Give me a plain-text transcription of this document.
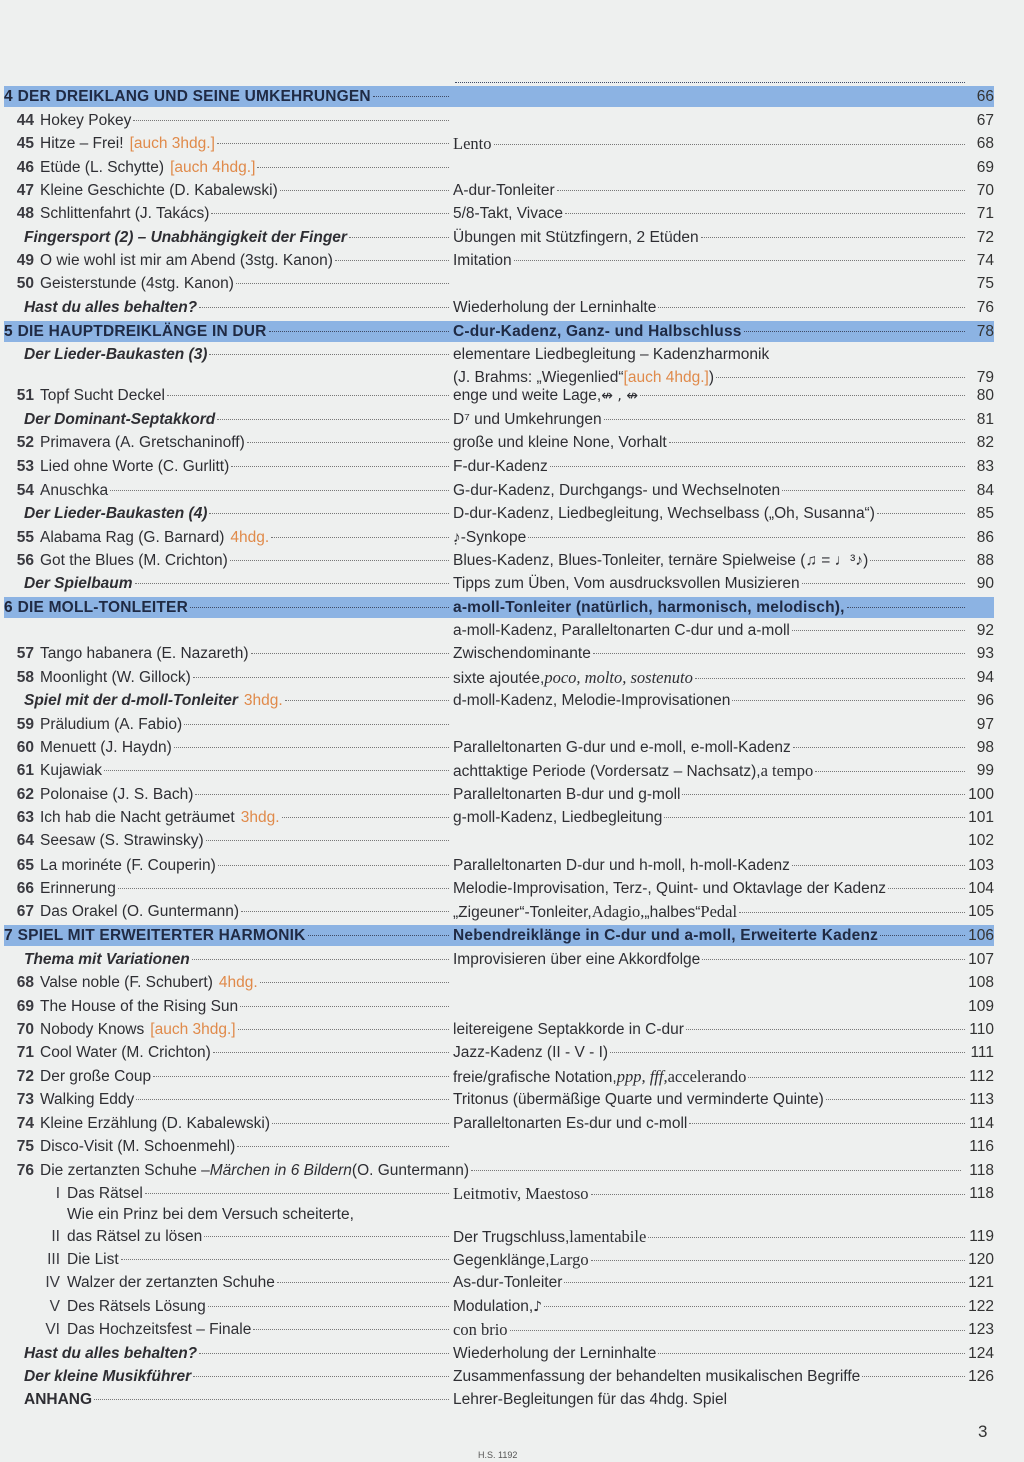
4 DER DREIKLANG UND SEINE UMKEHRUNGEN	66
44 Hokey Pokey	67
45 Hitze – Frei! [auch 3hdg.]	Lento	68
46 Etüde (L. Schytte) [auch 4hdg.]	69
47 Kleine Geschichte (D. Kabalewski)	A-dur-Tonleiter	70
48 Schlittenfahrt (J. Takács)	5/8-Takt, Vivace	71
Fingersport (2) – Unabhängigkeit der Finger	Übungen mit Stützfingern, 2 Etüden	72
49 O wie wohl ist mir am Abend (3stg. Kanon)	Imitation	74
50 Geisterstunde (4stg. Kanon)	75
Hast du alles behalten?	Wiederholung der Lerninhalte	76
5 DIE HAUPTDREIKLÄNGE IN DUR	C-dur-Kadenz, Ganz- und Halbschluss	78
Der Lieder-Baukasten (3)	elementare Liedbegleitung – Kadenzharmonik
(J. Brahms: „Wiegenlied“ [auch 4hdg.] )	79
51 Topf Sucht Deckel	enge und weite Lage, ↮ , ↮	80
Der Dominant-Septakkord	D⁷ und Umkehrungen	81
52 Primavera (A. Gretschaninoff)	große und kleine None, Vorhalt	82
53 Lied ohne Worte (C. Gurlitt)	F-dur-Kadenz	83
54 Anuschka	G-dur-Kadenz, Durchgangs- und Wechselnoten	84
Der Lieder-Baukasten (4)	D-dur-Kadenz, Liedbegleitung, Wechselbass („Oh, Susanna“)	85
55 Alabama Rag (G. Barnard) 4hdg.	♪̣-Synkope	86
56 Got the Blues (M. Crichton)	Blues-Kadenz, Blues-Tonleiter, ternäre Spielweise (♫ = ♩³♪)	88
Der Spielbaum	Tipps zum Üben, Vom ausdrucksvollen Musizieren	90
6 DIE MOLL-TONLEITER	a-moll-Tonleiter (natürlich, harmonisch, melodisch),
a-moll-Kadenz, Paralleltonarten C-dur und a-moll	92
57 Tango habanera (E. Nazareth)	Zwischendominante	93
58 Moonlight (W. Gillock)	sixte ajoutée, poco, molto, sostenuto	94
Spiel mit der d-moll-Tonleiter 3hdg.	d-moll-Kadenz, Melodie-Improvisationen	96
59 Präludium (A. Fabio)	97
60 Menuett (J. Haydn)	Paralleltonarten G-dur und e-moll, e-moll-Kadenz	98
61 Kujawiak	achttaktige Periode (Vordersatz – Nachsatz), a tempo	99
62 Polonaise (J. S. Bach)	Paralleltonarten B-dur und g-moll	100
63 Ich hab die Nacht geträumet 3hdg.	g-moll-Kadenz, Liedbegleitung	101
64 Seesaw (S. Strawinsky)	102
65 La morinéte (F. Couperin)	Paralleltonarten D-dur und h-moll, h-moll-Kadenz	103
66 Erinnerung	Melodie-Improvisation, Terz-, Quint- und Oktavlage der Kadenz	104
67 Das Orakel (O. Guntermann)	„Zigeuner“-Tonleiter, Adagio, „halbes“ Pedal	105
7 SPIEL MIT ERWEITERTER HARMONIK	Nebendreiklänge in C-dur und a-moll, Erweiterte Kadenz	106
Thema mit Variationen	Improvisieren über eine Akkordfolge	107
68 Valse noble (F. Schubert) 4hdg.	108
69 The House of the Rising Sun	109
70 Nobody Knows [auch 3hdg.]	leitereigene Septakkorde in C-dur	110
71 Cool Water (M. Crichton)	Jazz-Kadenz (II - V - I)	111
72 Der große Coup	freie/grafische Notation, ppp, fff, accelerando	112
73 Walking Eddy	Tritonus (übermäßige Quarte und verminderte Quinte)	113
74 Kleine Erzählung (D. Kabalewski)	Paralleltonarten Es-dur und c-moll	114
75 Disco-Visit (M. Schoenmehl)	116
76 Die zertanzten Schuhe – Märchen in 6 Bildern (O. Guntermann)	118
I Das Rätsel	Leitmotiv, Maestoso	118
II
Wie ein Prinz bei dem Versuch scheiterte,
das Rätsel zu lösen	Der Trugschluss, lamentabile	119
III Die List	Gegenklänge, Largo	120
IV Walzer der zertanzten Schuhe	As-dur-Tonleiter	121
V Des Rätsels Lösung	Modulation, ♪	122
VI Das Hochzeitsfest – Finale	con brio	123
Hast du alles behalten?	Wiederholung der Lerninhalte	124
Der kleine Musikführer	Zusammenfassung der behandelten musikalischen Begriffe	126
ANHANG	Lehrer-Begleitungen für das 4hdg. Spiel
3
H.S. 1192
